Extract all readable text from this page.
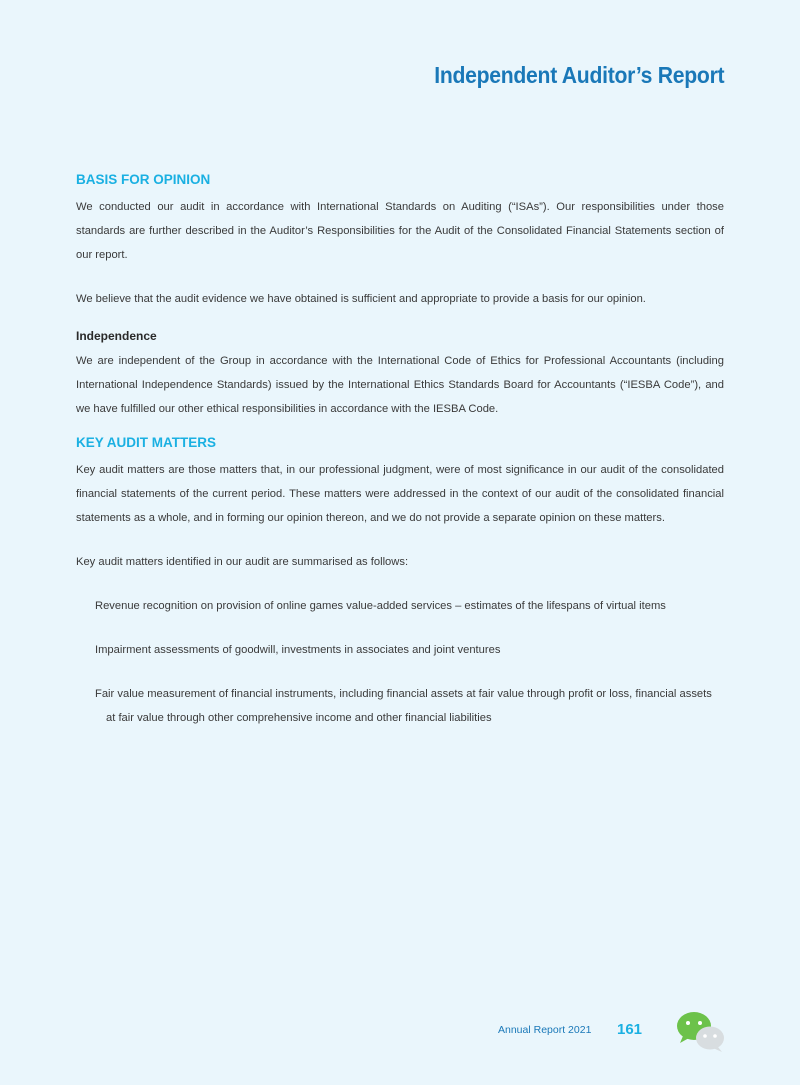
Independent Auditor’s Report
BASIS FOR OPINION

We conducted our audit in accordance with International Standards on Auditing (“ISAs”). Our responsibilities under those standards are further described in the Auditor’s Responsibilities for the Audit of the Consolidated Financial Statements section of our report.

We believe that the audit evidence we have obtained is sufficient and appropriate to provide a basis for our opinion.

Independence

We are independent of the Group in accordance with the International Code of Ethics for Professional Accountants (including International Independence Standards) issued by the International Ethics Standards Board for Accountants (“IESBA Code”), and we have fulfilled our other ethical responsibilities in accordance with the IESBA Code.

KEY AUDIT MATTERS

Key audit matters are those matters that, in our professional judgment, were of most significance in our audit of the consolidated financial statements of the current period. These matters were addressed in the context of our audit of the consolidated financial statements as a whole, and in forming our opinion thereon, and we do not provide a separate opinion on these matters.

Key audit matters identified in our audit are summarised as follows:

Revenue recognition on provision of online games value-added services – estimates of the lifespans of virtual items

Impairment assessments of goodwill, investments in associates and joint ventures

Fair value measurement of financial instruments, including financial assets at fair value through profit or loss, financial assets at fair value through other comprehensive income and other financial liabilities

Annual Report 2021 161
